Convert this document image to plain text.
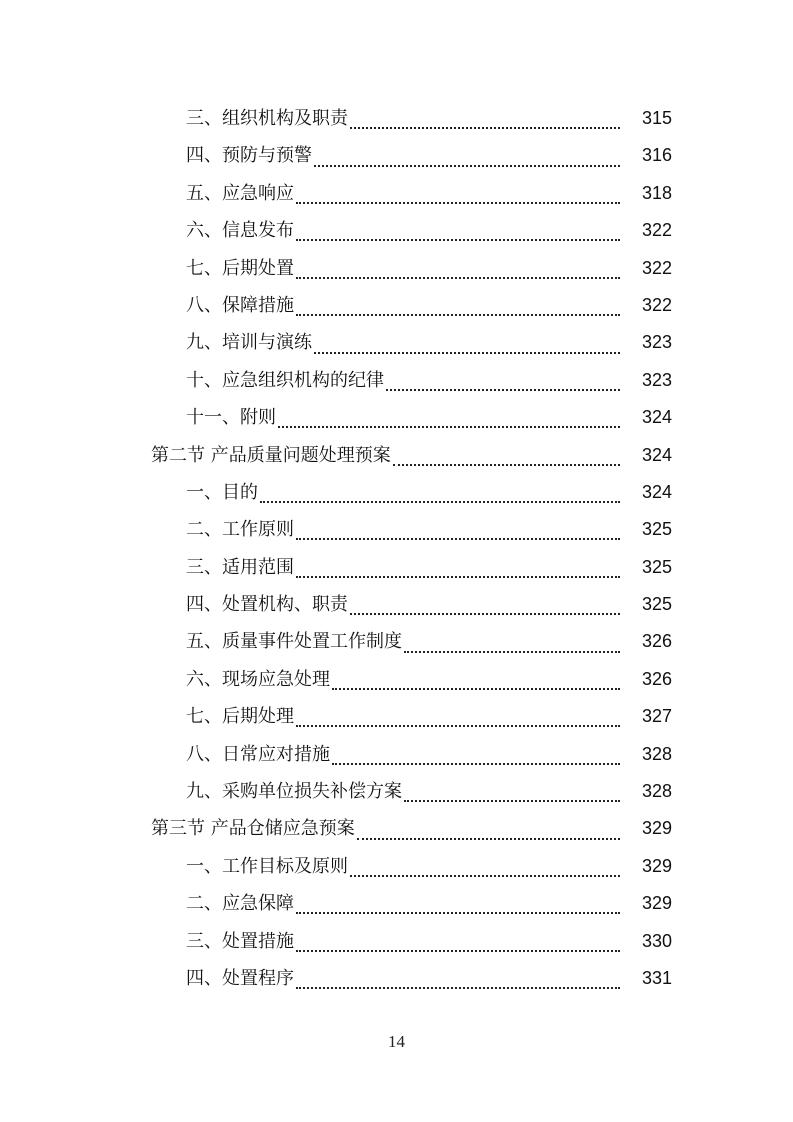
三、组织机构及职责	315
四、预防与预警	316
五、应急响应	318
六、信息发布	322
七、后期处置	322
八、保障措施	322
九、培训与演练	323
十、应急组织机构的纪律	323
十一、附则	324
第二节 产品质量问题处理预案	324
一、目的	324
二、工作原则	325
三、适用范围	325
四、处置机构、职责	325
五、质量事件处置工作制度	326
六、现场应急处理	326
七、后期处理	327
八、日常应对措施	328
九、采购单位损失补偿方案	328
第三节 产品仓储应急预案	329
一、工作目标及原则	329
二、应急保障	329
三、处置措施	330
四、处置程序	331
14
